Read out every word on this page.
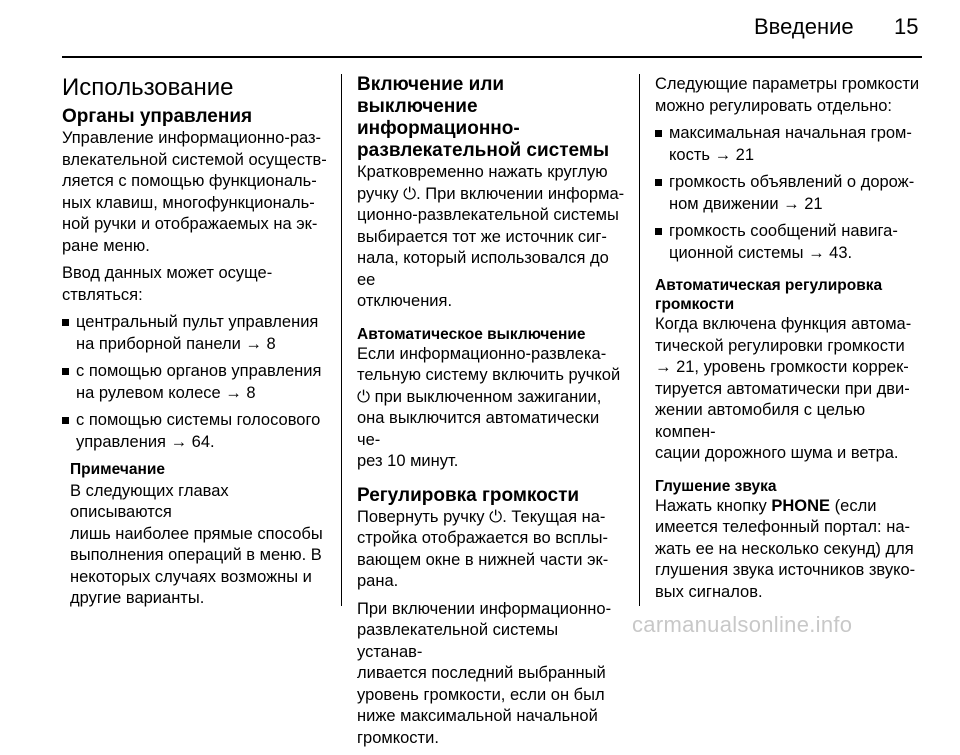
Введение 15
Использование
Органы управления

Управление информационно-раз-
влекательной системой осуществ-
ляется с помощью функциональ-
ных клавиш, многофункциональ-
ной ручки и отображаемых на эк-
ране меню.

Ввод данных может осуще-
ствляться:

центральный пульт управления
на приборной панели → 8
с помощью органов управления
на рулевом колесе → 8
с помощью системы голосового
управления → 64.
Примечание
В следующих главах описываются
лишь наиболее прямые способы
выполнения операций в меню. В
некоторых случаях возможны и
другие варианты.
Включение или выключение
информационно-
развлекательной системы

Кратковременно нажать круглую
ручку ⏻. При включении информа-
ционно-развлекательной системы
выбирается тот же источник сиг-
нала, который использовался до ее
отключения.

Автоматическое выключение

Если информационно-развлека-
тельную систему включить ручкой
⏻ при выключенном зажигании,
она выключится автоматически че-
рез 10 минут.

Регулировка громкости

Повернуть ручку ⏻. Текущая на-
стройка отображается во всплы-
вающем окне в нижней части эк-
рана.

При включении информационно-
развлекательной системы устанав-
ливается последний выбранный
уровень громкости, если он был
ниже максимальной начальной
громкости.

Следующие параметры громкости
можно регулировать отдельно:

максимальная начальная гром-
кость → 21
громкость объявлений о дорож-
ном движении → 21
громкость сообщений навига-
ционной системы → 43.
Автоматическая регулировка
громкости

Когда включена функция автома-
тической регулировки громкости
→ 21, уровень громкости коррек-
тируется автоматически при дви-
жении автомобиля с целью компен-
сации дорожного шума и ветра.

Глушение звука

Нажать кнопку PHONE (если
имеется телефонный портал: на-
жать ее на несколько секунд) для
глушения звука источников звуко-
вых сигналов.

carmanualsonline.info
